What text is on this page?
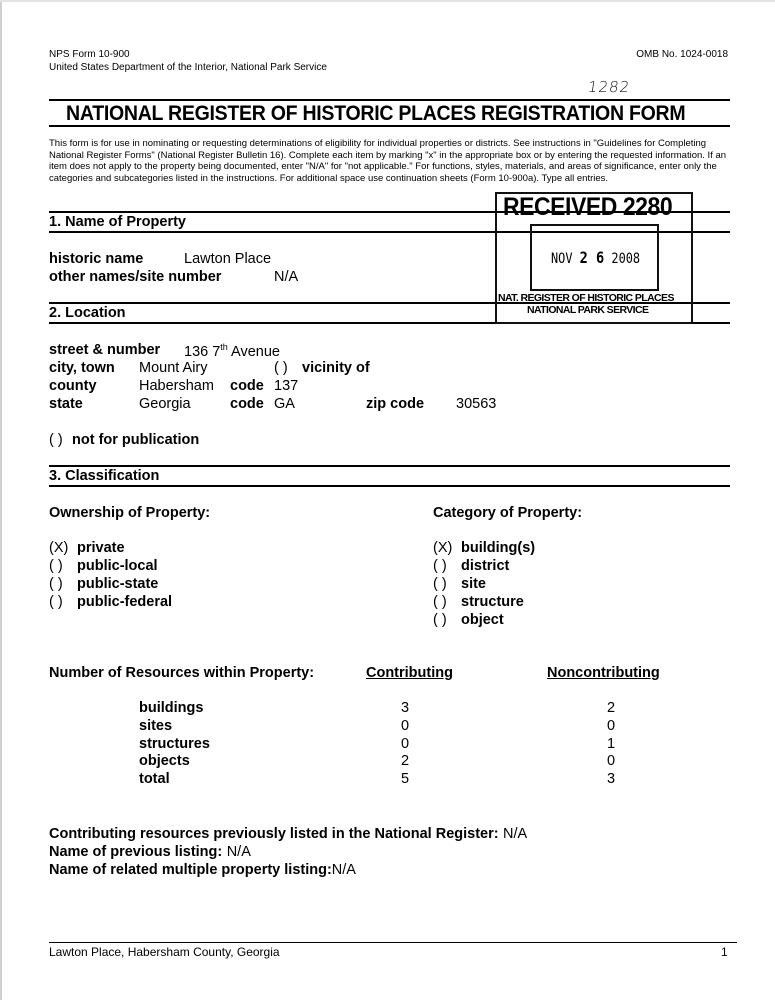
NPS Form 10-900
United States Department of the Interior, National Park Service
OMB No. 1024-0018
1282
NATIONAL REGISTER OF HISTORIC PLACES REGISTRATION FORM
This form is for use in nominating or requesting determinations of eligibility for individual properties or districts. See instructions in "Guidelines for Completing National Register Forms" (National Register Bulletin 16). Complete each item by marking "x" in the appropriate box or by entering the requested information. If an item does not apply to the property being documented, enter "N/A" for "not applicable." For functions, styles, materials, and areas of significance, enter only the categories and subcategories listed in the instructions. For additional space use continuation sheets (Form 10-900a). Type all entries.
1. Name of Property
historic name	Lawton Place
other names/site number	N/A
2. Location
street & number 136 7th Avenue
city, town Mount Airy	( ) vicinity of
county	Habersham code 137
state	Georgia	code GA	zip code 30563
( ) not for publication
3. Classification
Ownership of Property:	Category of Property:
(X) private
( ) public-local
( ) public-state
( ) public-federal
(X) building(s)
( ) district
( ) site
( ) structure
( ) object
Number of Resources within Property:	Contributing	Noncontributing
buildings	3	2
sites	0	0
structures	0	1
objects	2	0
total	5	3
Contributing resources previously listed in the National Register: N/A
Name of previous listing: N/A
Name of related multiple property listing:N/A
Lawton Place, Habersham County, Georgia	1
RECEIVED 2280
NOV 2 6 2008
NAT. REGISTER OF HISTORIC PLACES
NATIONAL PARK SERVICE
